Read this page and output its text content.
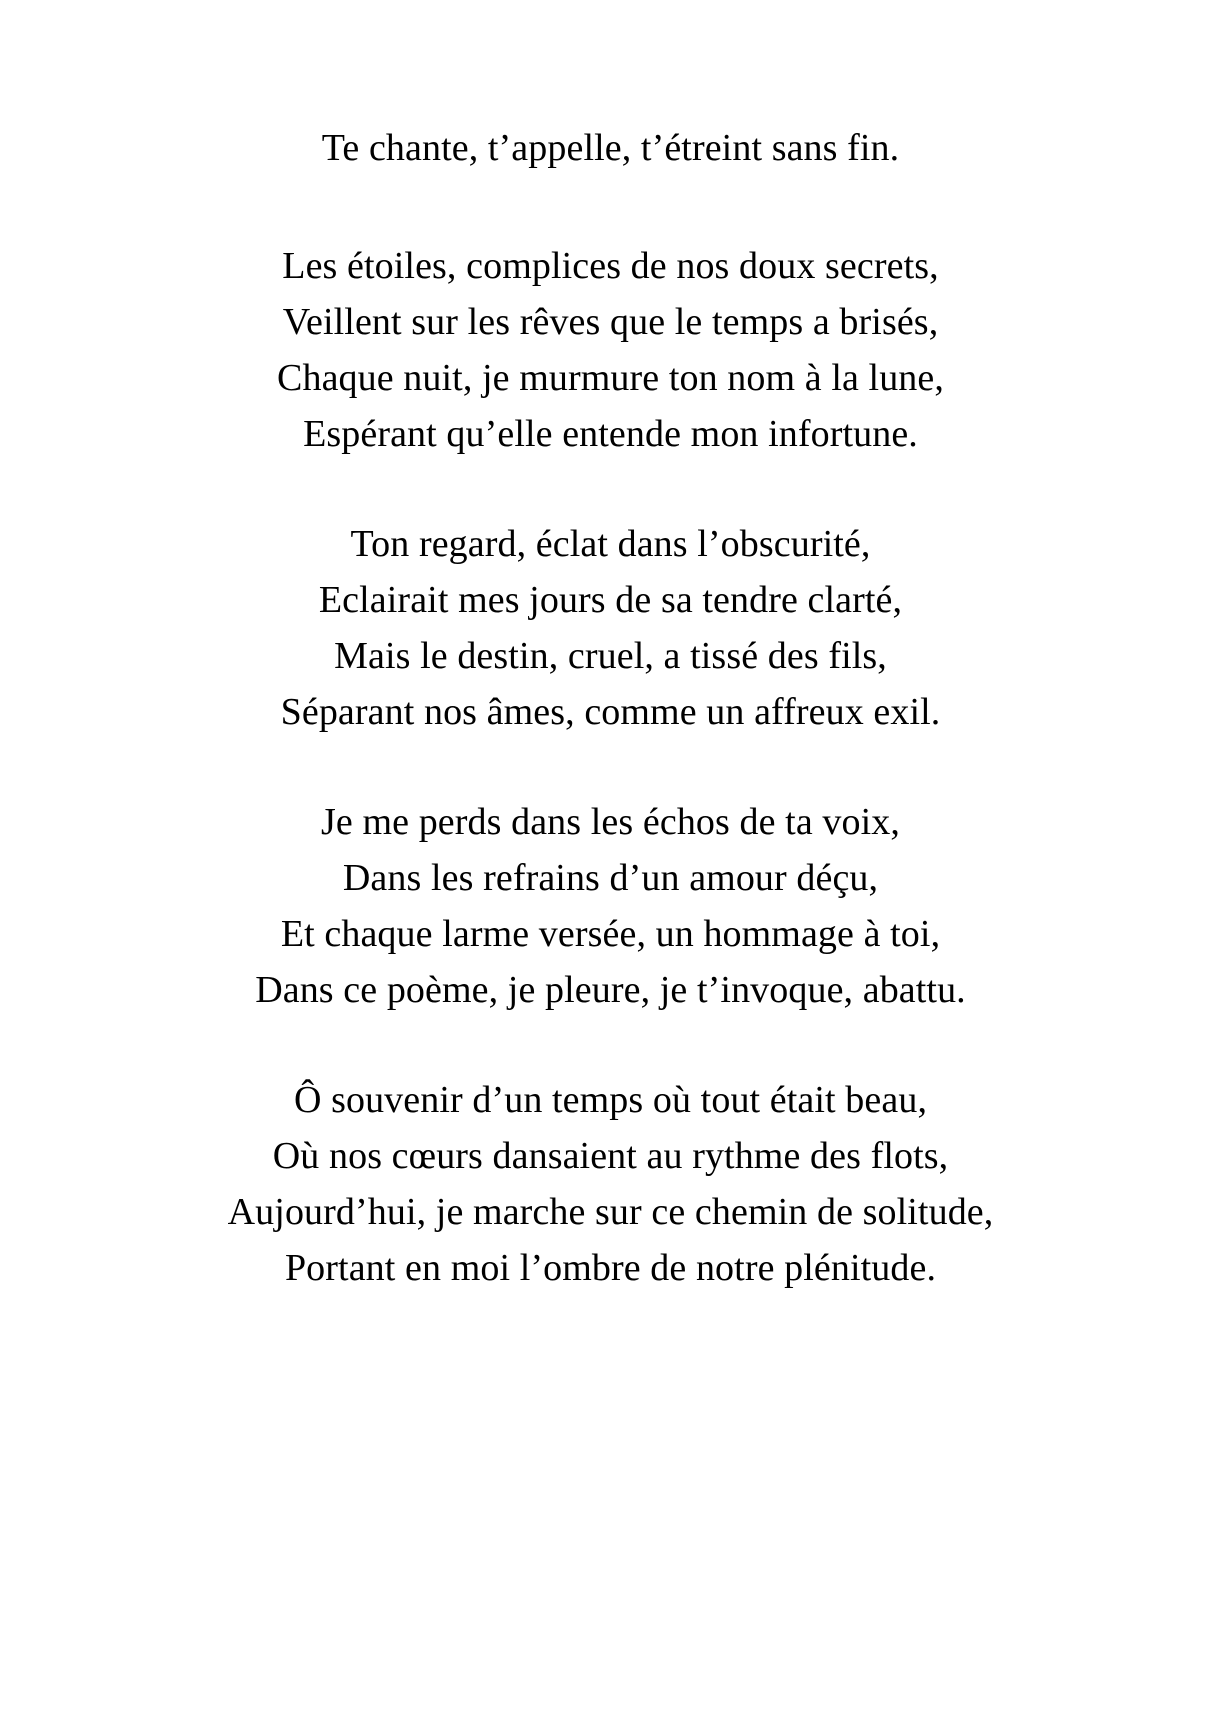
Te chante, t’appelle, t’étreint sans fin.
Les étoiles, complices de nos doux secrets,
Veillent sur les rêves que le temps a brisés,
Chaque nuit, je murmure ton nom à la lune,
Espérant qu’elle entende mon infortune.
Ton regard, éclat dans l’obscurité,
Eclairait mes jours de sa tendre clarté,
Mais le destin, cruel, a tissé des fils,
Séparant nos âmes, comme un affreux exil.
Je me perds dans les échos de ta voix,
Dans les refrains d’un amour déçu,
Et chaque larme versée, un hommage à toi,
Dans ce poème, je pleure, je t’invoque, abattu.
Ô souvenir d’un temps où tout était beau,
Où nos cœurs dansaient au rythme des flots,
Aujourd’hui, je marche sur ce chemin de solitude,
Portant en moi l’ombre de notre plénitude.
